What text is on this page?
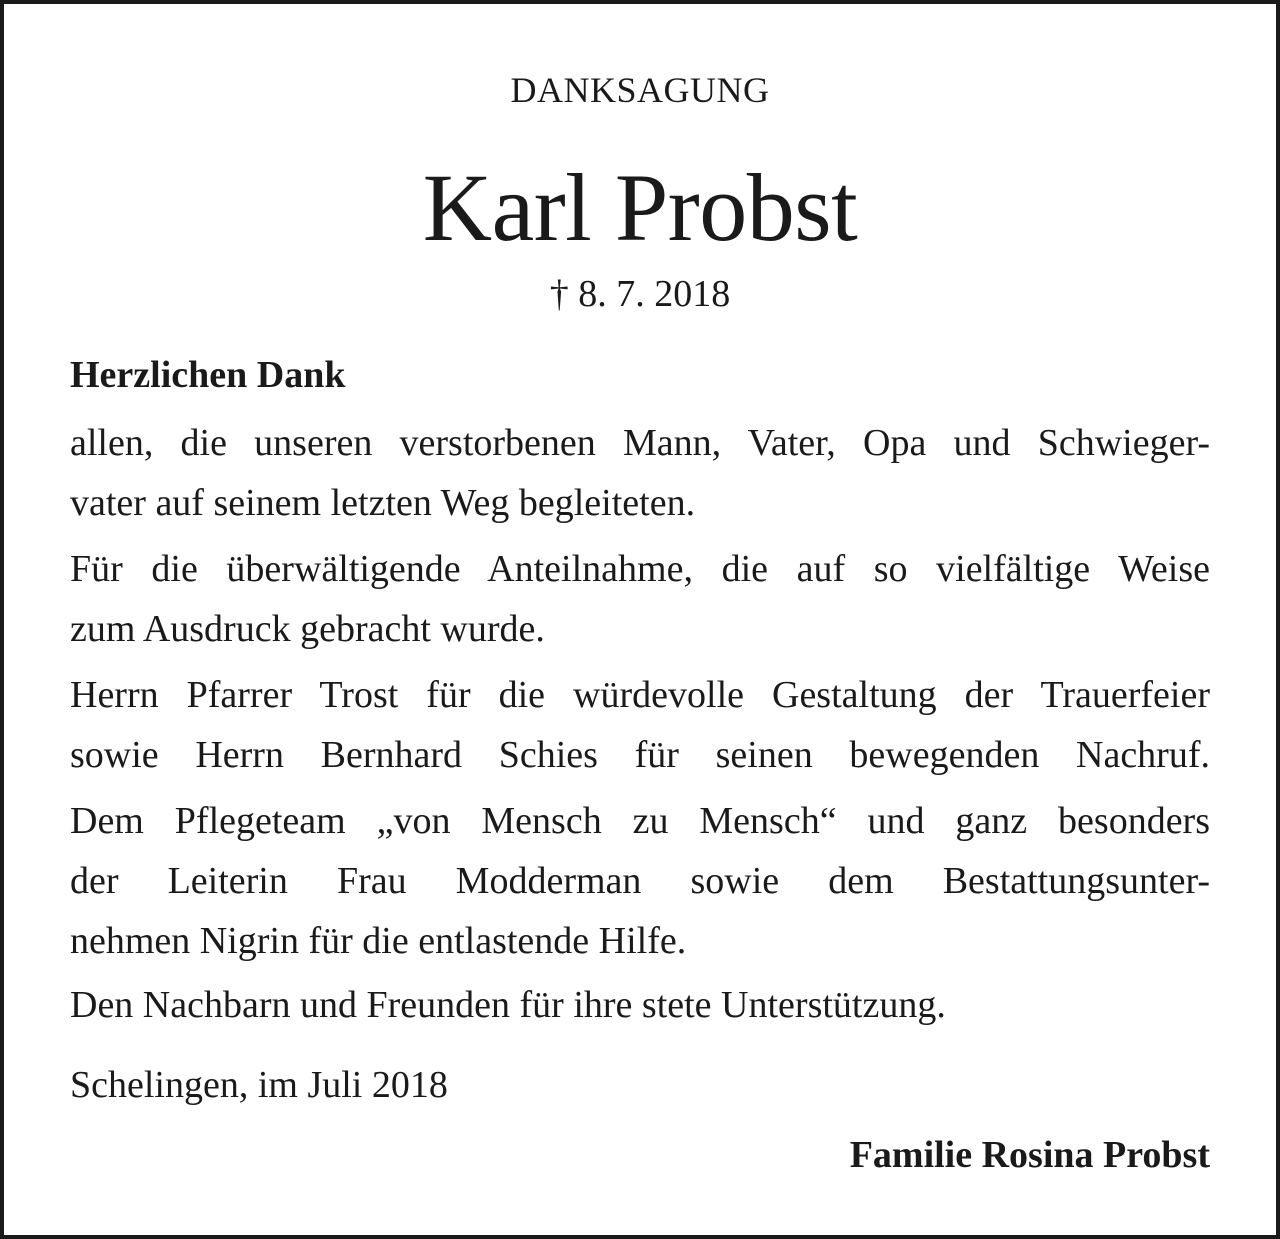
DANKSAGUNG
Karl Probst
† 8. 7. 2018

Herzlichen Dank

allen, die unseren verstorbenen Mann, Vater, Opa und Schwieger-
vater auf seinem letzten Weg begleiteten.

Für die überwältigende Anteilnahme, die auf so vielfältige Weise
zum Ausdruck gebracht wurde.

Herrn Pfarrer Trost für die würdevolle Gestaltung der Trauerfeier
sowie Herrn Bernhard Schies für seinen bewegenden Nachruf.

Dem Pflegeteam „von Mensch zu Mensch“ und ganz besonders
der Leiterin Frau Modderman sowie dem Bestattungsunter-
nehmen Nigrin für die entlastende Hilfe.

Den Nachbarn und Freunden für ihre stete Unterstützung.

Schelingen, im Juli 2018

Familie Rosina Probst
